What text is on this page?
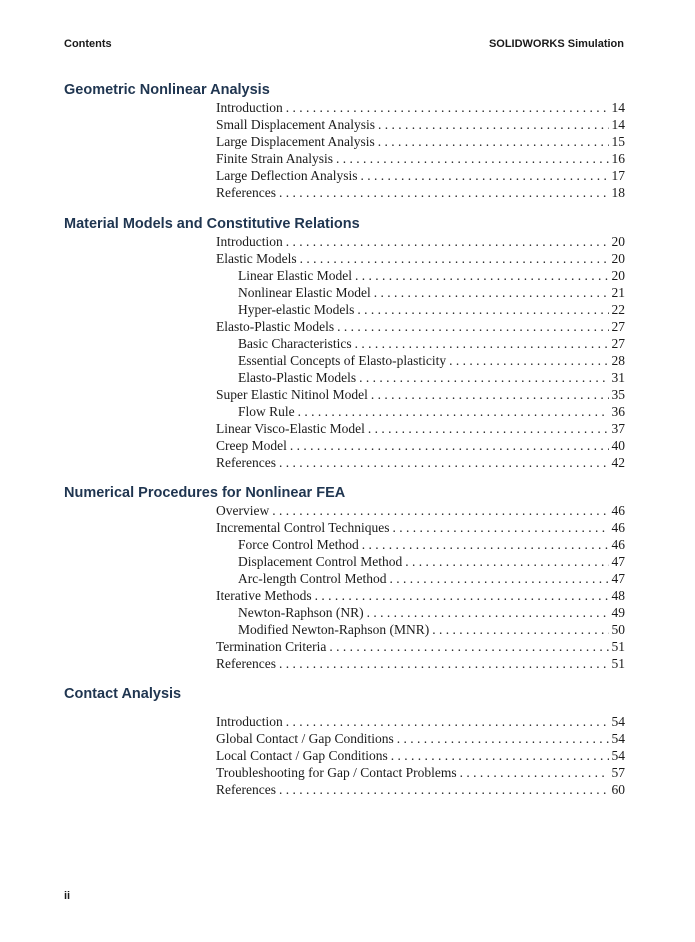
Contents	SOLIDWORKS Simulation
Geometric Nonlinear Analysis
Introduction . . .	14
Small Displacement Analysis . . .	14
Large Displacement Analysis . . .	15
Finite Strain Analysis . . .	16
Large Deflection Analysis . . .	17
References . . .	18
Material Models and Constitutive Relations
Introduction . . .	20
Elastic Models . . .	20
Linear Elastic Model . . .	20
Nonlinear Elastic Model . . .	21
Hyper-elastic Models . . .	22
Elasto-Plastic Models . . .	27
Basic Characteristics . . .	27
Essential Concepts of Elasto-plasticity . . .	28
Elasto-Plastic Models . . .	31
Super Elastic Nitinol Model . . .	35
Flow Rule . . .	36
Linear Visco-Elastic Model . . .	37
Creep Model . . .	40
References . . .	42
Numerical Procedures for Nonlinear FEA
Overview . . .	46
Incremental Control Techniques . . .	46
Force Control Method . . .	46
Displacement Control Method . . .	47
Arc-length Control Method . . .	47
Iterative Methods . . .	48
Newton-Raphson (NR) . . .	49
Modified Newton-Raphson (MNR) . . .	50
Termination Criteria . . .	51
References . . .	51
Contact Analysis
Introduction . . .	54
Global Contact / Gap Conditions . . .	54
Local Contact / Gap Conditions . . .	54
Troubleshooting for Gap / Contact Problems . . .	57
References . . .	60
ii
